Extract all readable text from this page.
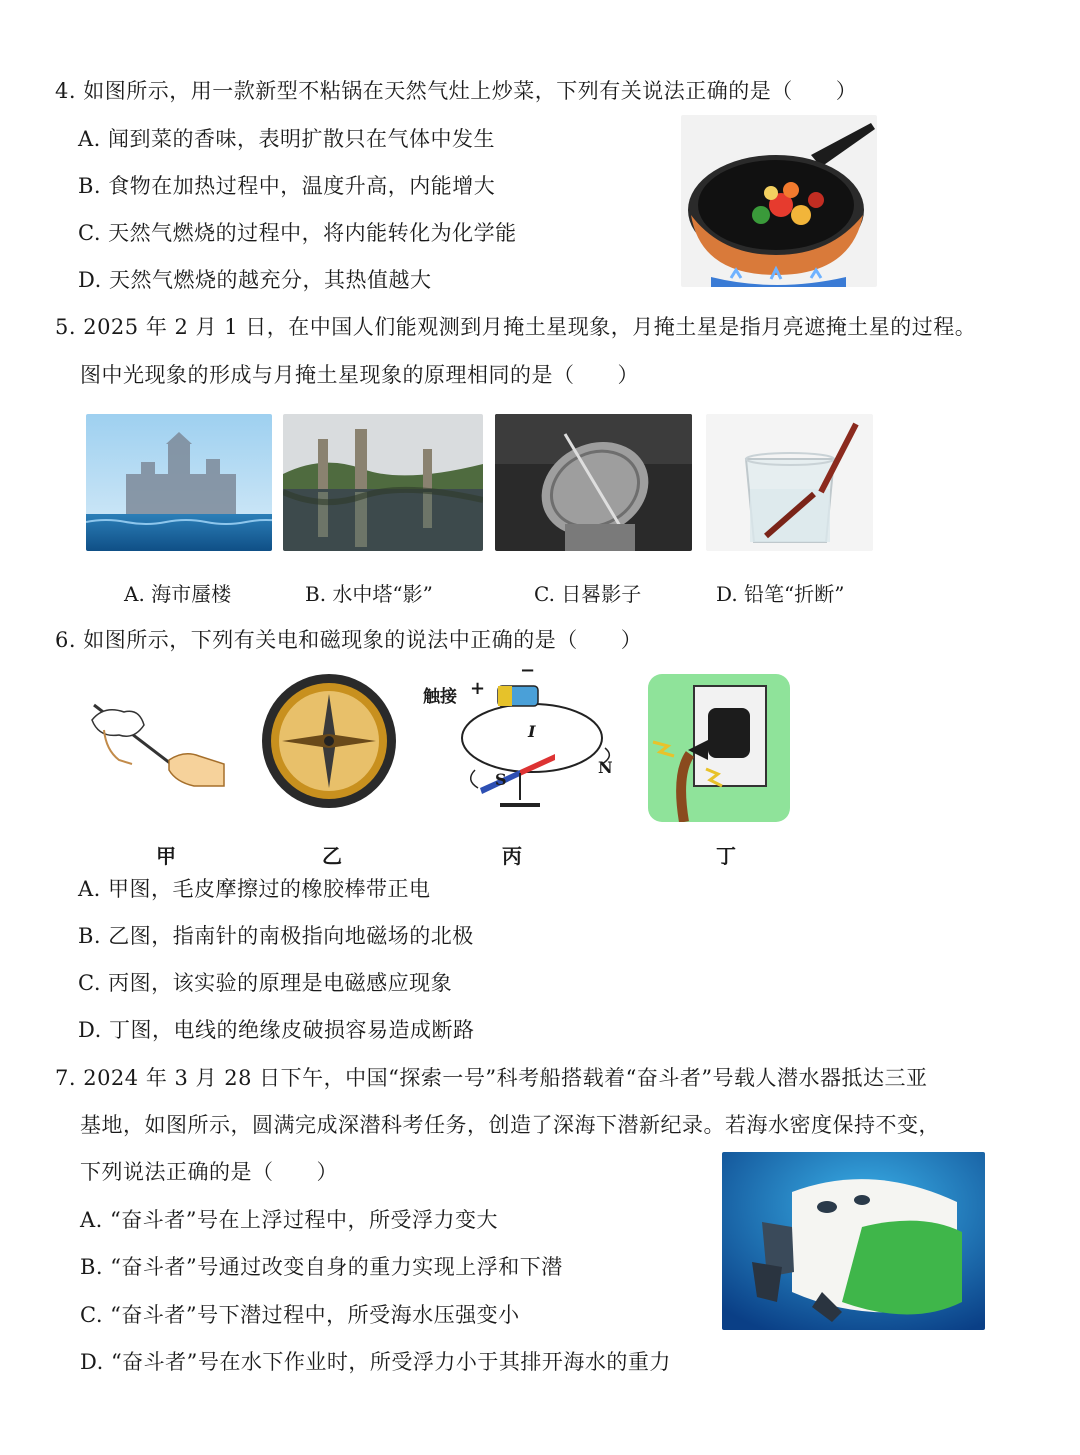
4. 如图所示，用一款新型不粘锅在天然气灶上炒菜，下列有关说法正确的是（　　）
A. 闻到菜的香味，表明扩散只在气体中发生
B. 食物在加热过程中，温度升高，内能增大
C. 天然气燃烧的过程中，将内能转化为化学能
D. 天然气燃烧的越充分，其热值越大
5. 2025 年 2 月 1 日，在中国人们能观测到月掩土星现象，月掩土星是指月亮遮掩土星的过程。
图中光现象的形成与月掩土星现象的原理相同的是（　　）
A. 海市蜃楼	B. 水中塔“影”	C. 日晷影子	D. 铅笔“折断”
6. 如图所示，下列有关电和磁现象的说法中正确的是（　　）
触接 +
−
I
S
N
甲	乙	丙	丁
A. 甲图，毛皮摩擦过的橡胶棒带正电
B. 乙图，指南针的南极指向地磁场的北极
C. 丙图，该实验的原理是电磁感应现象
D. 丁图，电线的绝缘皮破损容易造成断路
7. 2024 年 3 月 28 日下午，中国“探索一号”科考船搭载着“奋斗者”号载人潜水器抵达三亚
基地，如图所示，圆满完成深潜科考任务，创造了深海下潜新纪录。若海水密度保持不变，
下列说法正确的是（　　）
A. “奋斗者”号在上浮过程中，所受浮力变大
B. “奋斗者”号通过改变自身的重力实现上浮和下潜
C. “奋斗者”号下潜过程中，所受海水压强变小
D. “奋斗者”号在水下作业时，所受浮力小于其排开海水的重力
